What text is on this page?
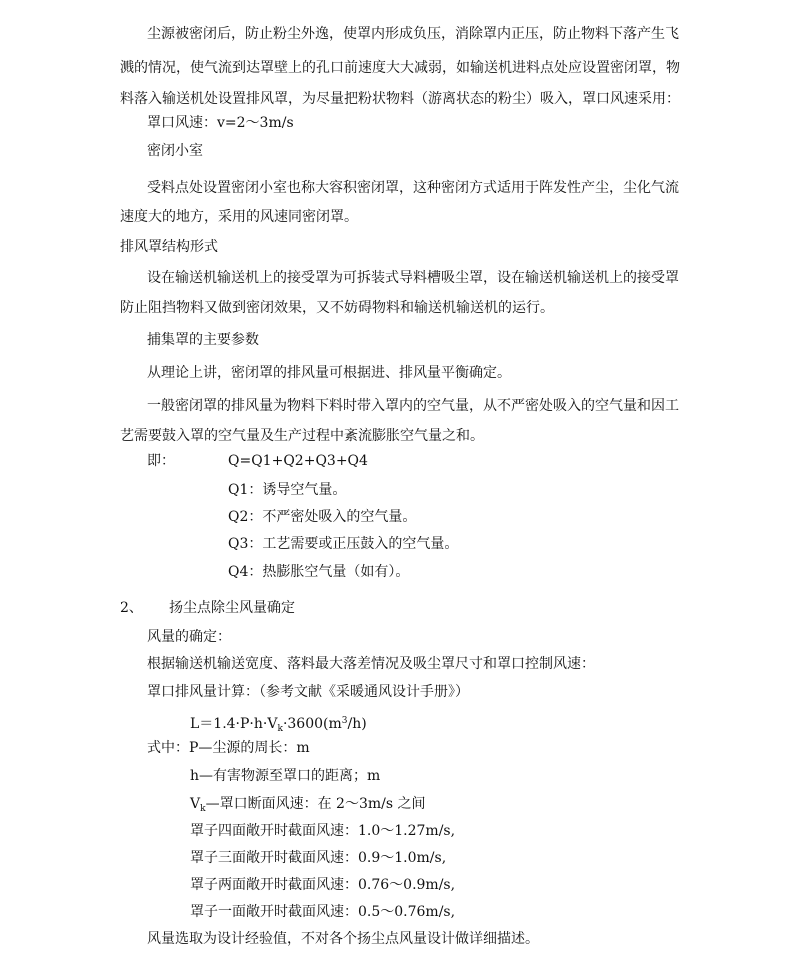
尘源被密闭后，防止粉尘外逸，使罩内形成负压，消除罩内正压，防止物料下落产生飞

溅的情况，使气流到达罩壁上的孔口前速度大大减弱，如输送机进料点处应设置密闭罩，物

料落入输送机处设置排风罩，为尽量把粉状物料（游离状态的粉尘）吸入，罩口风速采用：

罩口风速：v=2～3m/s

密闭小室

受料点处设置密闭小室也称大容积密闭罩，这种密闭方式适用于阵发性产尘，尘化气流

速度大的地方，采用的风速同密闭罩。

排风罩结构形式

设在输送机输送机上的接受罩为可拆装式导料槽吸尘罩，设在输送机输送机上的接受罩

防止阻挡物料又做到密闭效果，又不妨碍物料和输送机输送机的运行。

捕集罩的主要参数

从理论上讲，密闭罩的排风量可根据进、排风量平衡确定。

一般密闭罩的排风量为物料下料时带入罩内的空气量，从不严密处吸入的空气量和因工

艺需要鼓入罩的空气量及生产过程中紊流膨胀空气量之和。

即：	Q=Q1+Q2+Q3+Q4

Q1：诱导空气量。

Q2：不严密处吸入的空气量。

Q3：工艺需要或正压鼓入的空气量。

Q4：热膨胀空气量（如有）。

2、 扬尘点除尘风量确定

风量的确定：

根据输送机输送宽度、落料最大落差情况及吸尘罩尺寸和罩口控制风速：

罩口排风量计算：（参考文献《采暖通风设计手册》）

$L=1.4\cdot P\cdot h\cdot V_k\cdot 3600(m^3/h)$

式中：P—尘源的周长：m

h—有害物源至罩口的距离；m

$V_k—$罩口断面风速：在 2～3m/s 之间

罩子四面敞开时截面风速：1.0～1.27m/s,

罩子三面敞开时截面风速：0.9～1.0m/s,

罩子两面敞开时截面风速：0.76～0.9m/s,

罩子一面敞开时截面风速：0.5～0.76m/s,

风量选取为设计经验值，不对各个扬尘点风量设计做详细描述。
